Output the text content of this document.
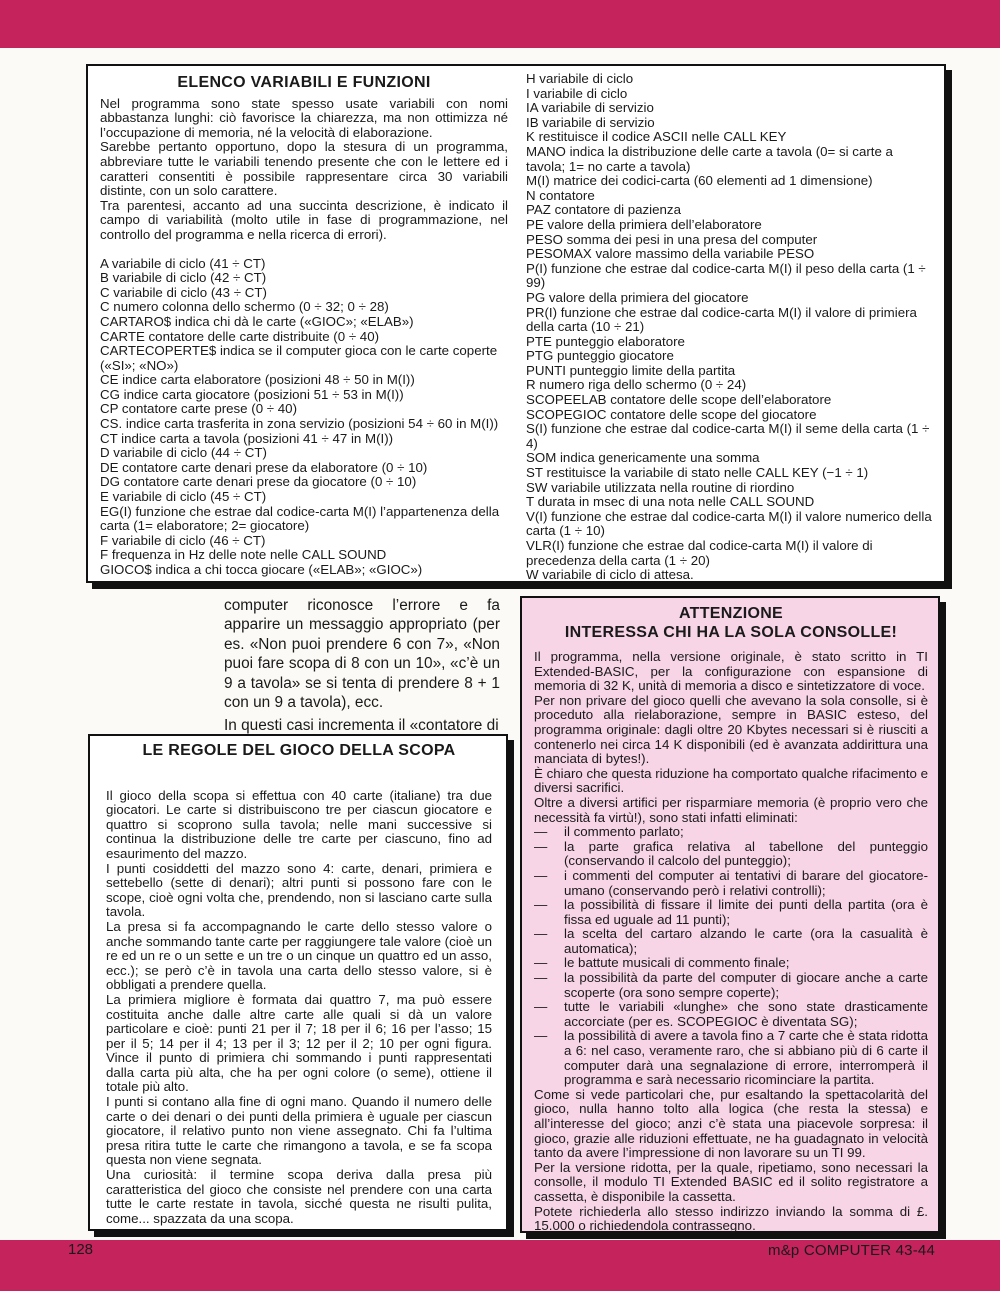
ELENCO VARIABILI E FUNZIONI

Nel programma sono state spesso usate variabili con nomi abbastanza lunghi: ciò favorisce la chiarezza, ma non ottimizza né l’occupazione di memoria, né la velocità di elaborazione.

Sarebbe pertanto opportuno, dopo la stesura di un programma, abbreviare tutte le variabili tenendo presente che con le lettere ed i caratteri consentiti è possibile rappresentare circa 30 variabili distinte, con un solo carattere.

Tra parentesi, accanto ad una succinta descrizione, è indicato il campo di variabilità (molto utile in fase di programmazione, nel controllo del programma e nella ricerca di errori).

A variabile di ciclo (41 ÷ CT)

B variabile di ciclo (42 ÷ CT)

C variabile di ciclo (43 ÷ CT)

C numero colonna dello schermo (0 ÷ 32; 0 ÷ 28)

CARTARO$ indica chi dà le carte («GIOC»; «ELAB»)

CARTE contatore delle carte distribuite (0 ÷ 40)

CARTECOPERTE$ indica se il computer gioca con le carte coperte («SI»; «NO»)

CE indice carta elaboratore (posizioni 48 ÷ 50 in M(I))

CG indice carta giocatore (posizioni 51 ÷ 53 in M(I))

CP contatore carte prese (0 ÷ 40)

CS. indice carta trasferita in zona servizio (posizioni 54 ÷ 60 in M(I))

CT indice carta a tavola (posizioni 41 ÷ 47 in M(I))

D variabile di ciclo (44 ÷ CT)

DE contatore carte denari prese da elaboratore (0 ÷ 10)

DG contatore carte denari prese da giocatore (0 ÷ 10)

E variabile di ciclo (45 ÷ CT)

EG(I) funzione che estrae dal codice-carta M(I) l’appartenenza della carta (1= elaboratore; 2= giocatore)

F variabile di ciclo (46 ÷ CT)

F frequenza in Hz delle note nelle CALL SOUND

GIOCO$ indica a chi tocca giocare («ELAB»; «GIOC»)

H variabile di ciclo

I variabile di ciclo

IA variabile di servizio

IB variabile di servizio

K restituisce il codice ASCII nelle CALL KEY

MANO indica la distribuzione delle carte a tavola (0= si carte a tavola; 1= no carte a tavola)

M(I) matrice dei codici-carta (60 elementi ad 1 dimensione)

N contatore

PAZ contatore di pazienza

PE valore della primiera dell’elaboratore

PESO somma dei pesi in una presa del computer

PESOMAX valore massimo della variabile PESO

P(I) funzione che estrae dal codice-carta M(I) il peso della carta (1 ÷ 99)

PG valore della primiera del giocatore

PR(I) funzione che estrae dal codice-carta M(I) il valore di primiera della carta (10 ÷ 21)

PTE punteggio elaboratore

PTG punteggio giocatore

PUNTI punteggio limite della partita

R numero riga dello schermo (0 ÷ 24)

SCOPEELAB contatore delle scope dell’elaboratore

SCOPEGIOC contatore delle scope del giocatore

S(I) funzione che estrae dal codice-carta M(I) il seme della carta (1 ÷ 4)

SOM indica genericamente una somma

ST restituisce la variabile di stato nelle CALL KEY (−1 ÷ 1)

SW variabile utilizzata nella routine di riordino

T durata in msec di una nota nelle CALL SOUND

V(I) funzione che estrae dal codice-carta M(I) il valore numerico della carta (1 ÷ 10)

VLR(I) funzione che estrae dal codice-carta M(I) il valore di precedenza della carta (1 ÷ 20)

W variabile di ciclo di attesa.

computer riconosce l’errore e fa apparire un messaggio appropriato (per es. «Non puoi prendere 6 con 7», «Non puoi fare scopa di 8 con un 10», «c’è un 9 a tavola» se si tenta di prendere 8 + 1 con un 9 a tavola), ecc.

In questi casi incrementa il «contatore di

LE REGOLE DEL GIOCO DELLA SCOPA

Il gioco della scopa si effettua con 40 carte (italiane) tra due giocatori. Le carte si distribuiscono tre per ciascun giocatore e quattro si scoprono sulla tavola; nelle mani successive si continua la distribuzione delle tre carte per ciascuno, fino ad esaurimento del mazzo.

I punti cosiddetti del mazzo sono 4: carte, denari, primiera e settebello (sette di denari); altri punti si possono fare con le scope, cioè ogni volta che, prendendo, non si lasciano carte sulla tavola.

La presa si fa accompagnando le carte dello stesso valore o anche sommando tante carte per raggiungere tale valore (cioè un re ed un re o un sette e un tre o un cinque un quattro ed un asso, ecc.); se però c’è in tavola una carta dello stesso valore, si è obbligati a prendere quella.

La primiera migliore è formata dai quattro 7, ma può essere costituita anche dalle altre carte alle quali si dà un valore particolare e cioè: punti 21 per il 7; 18 per il 6; 16 per l’asso; 15 per il 5; 14 per il 4; 13 per il 3; 12 per il 2; 10 per ogni figura. Vince il punto di primiera chi sommando i punti rappresentati dalla carta più alta, che ha per ogni colore (o seme), ottiene il totale più alto.

I punti si contano alla fine di ogni mano. Quando il numero delle carte o dei denari o dei punti della primiera è uguale per ciascun giocatore, il relativo punto non viene assegnato. Chi fa l’ultima presa ritira tutte le carte che rimangono a tavola, e se fa scopa questa non viene segnata.

Una curiosità: il termine scopa deriva dalla presa più caratteristica del gioco che consiste nel prendere con una carta tutte le carte restate in tavola, sicché questa ne risulti pulita, come... spazzata da una scopa.

ATTENZIONE
INTERESSA CHI HA LA SOLA CONSOLLE!

Il programma, nella versione originale, è stato scritto in TI Extended-BASIC, per la configurazione con espansione di memoria di 32 K, unità di memoria a disco e sintetizzatore di voce.

Per non privare del gioco quelli che avevano la sola consolle, si è proceduto alla rielaborazione, sempre in BASIC esteso, del programma originale: dagli oltre 20 Kbytes necessari si è riusciti a contenerlo nei circa 14 K disponibili (ed è avanzata addirittura una manciata di bytes!).

È chiaro che questa riduzione ha comportato qualche rifacimento e diversi sacrifici.

Oltre a diversi artifici per risparmiare memoria (è proprio vero che necessità fa virtù!), sono stati infatti eliminati:

—	il commento parlato;
—	la parte grafica relativa al tabellone del punteggio (conservando il calcolo del punteggio);
—	i commenti del computer ai tentativi di barare del giocatore-umano (conservando però i relativi controlli);
—	la possibilità di fissare il limite dei punti della partita (ora è fissa ed uguale ad 11 punti);
—	la scelta del cartaro alzando le carte (ora la casualità è automatica);
—	le battute musicali di commento finale;
—	la possibilità da parte del computer di giocare anche a carte scoperte (ora sono sempre coperte);
—	tutte le variabili «lunghe» che sono state drasticamente accorciate (per es. SCOPEGIOC è diventata SG);
—	la possibilità di avere a tavola fino a 7 carte che è stata ridotta a 6: nel caso, veramente raro, che si abbiano più di 6 carte il computer darà una segnalazione di errore, interromperà il programma e sarà necessario ricominciare la partita.

Come si vede particolari che, pur esaltando la spettacolarità del gioco, nulla hanno tolto alla logica (che resta la stessa) e all’interesse del gioco; anzi c’è stata una piacevole sorpresa: il gioco, grazie alle riduzioni effettuate, ne ha guadagnato in velocità tanto da avere l’impressione di non lavorare su un TI 99.

Per la versione ridotta, per la quale, ripetiamo, sono necessari la consolle, il modulo TI Extended BASIC ed il solito registratore a cassetta, è disponibile la cassetta.

Potete richiederla allo stesso indirizzo inviando la somma di £. 15.000 o richiedendola contrassegno.

128	m&p COMPUTER 43-44
